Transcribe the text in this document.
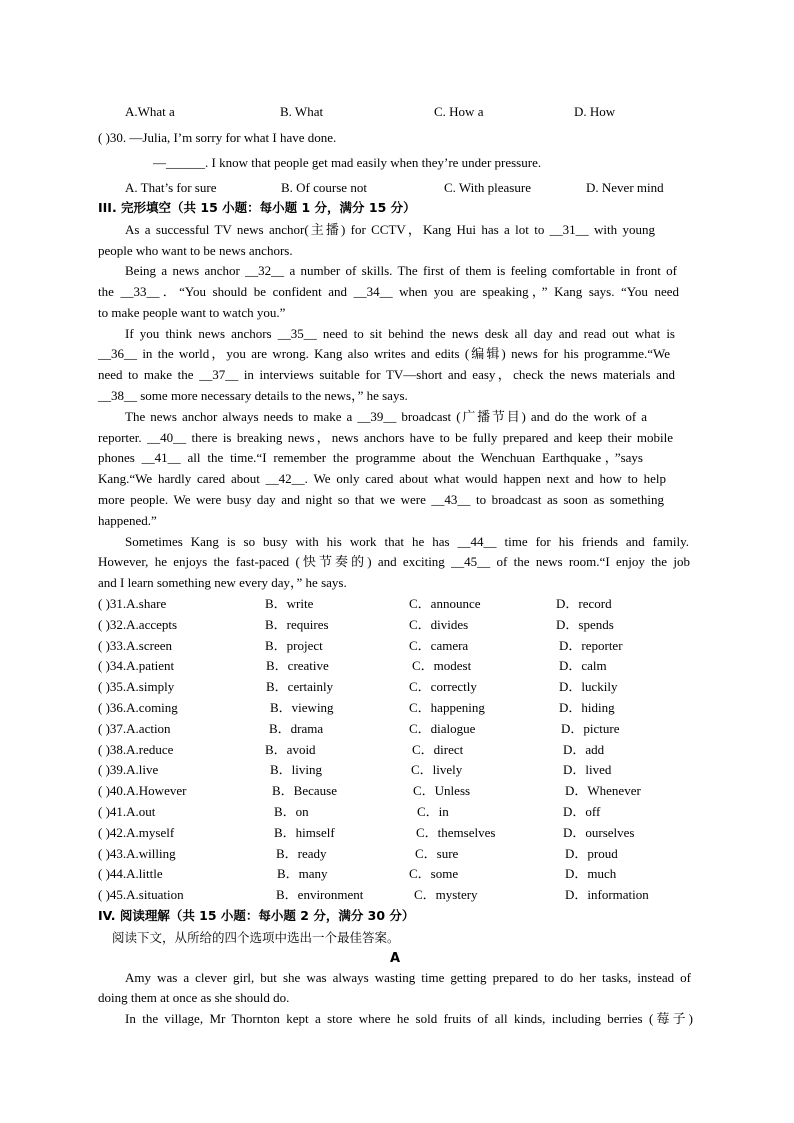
A.What a	B. What	C. How a	D. How
( )30. —Julia, I’m sorry for what I have done.
—______. I know that people get mad easily when they’re under pressure.
A. That’s for sure	B. Of course not	C. With pleasure	D. Never mind
III. 完形填空（共 15 小题：每小题 1 分，满分 15 分）
As a successful TV news anchor(主播) for CCTV，Kang Hui has a lot to __31__ with young
people who want to be news anchors.
Being a news anchor __32__ a number of skills. The first of them is feeling comfortable in front of
the __33__．“You should be confident and __34__ when you are speaking，” Kang says. “You need
to make people want to watch you.”
If you think news anchors __35__ need to sit behind the news desk all day and read out what is
__36__ in the world，you are wrong. Kang also writes and edits (编辑) news for his programme.“We
need to make the __37__ in interviews suitable for TV—short and easy，check the news materials and
__38__ some more necessary details to the news，” he says.
The news anchor always needs to make a __39__ broadcast (广播节目) and do the work of a
reporter. __40__ there is breaking news，news anchors have to be fully prepared and keep their mobile
phones __41__ all the time.“I remember the programme about the Wenchuan Earthquake，”says
Kang.“We hardly cared about __42__. We only cared about what would happen next and how to help
more people. We were busy day and night so that we were __43__ to broadcast as soon as something
happened.”
Sometimes Kang is so busy with his work that he has __44__ time for his friends and family.
However, he enjoys the fast-paced (快节奏的) and exciting __45__ of the news room.“I enjoy the job
and I learn something new every day，” he says.
( )31.A.share	B．write	C．announce	D．record
( )32.A.accepts	B．requires	C．divides	D．spends
( )33.A.screen	B．project	C．camera	D．reporter
( )34.A.patient	B．creative	C．modest	D．calm
( )35.A.simply	B．certainly	C．correctly	D．luckily
( )36.A.coming	B．viewing	C．happening	D．hiding
( )37.A.action	B．drama	C．dialogue	D．picture
( )38.A.reduce	B．avoid	C．direct	D．add
( )39.A.live	B．living	C．lively	D．lived
( )40.A.However	B．Because	C．Unless	D．Whenever
( )41.A.out	B．on	C．in	D．off
( )42.A.myself	B．himself	C．themselves	D．ourselves
( )43.A.willing	B．ready	C．sure	D．proud
( )44.A.little	B．many	C．some	D．much
( )45.A.situation	B．environment	C．mystery	D．information
IV. 阅读理解（共 15 小题：每小题 2 分，满分 30 分）
阅读下文，从所给的四个选项中选出一个最佳答案。
A
Amy was a clever girl, but she was always wasting time getting prepared to do her tasks, instead of
doing them at once as she should do.
In the village, Mr Thornton kept a store where he sold fruits of all kinds, including berries (莓子)
